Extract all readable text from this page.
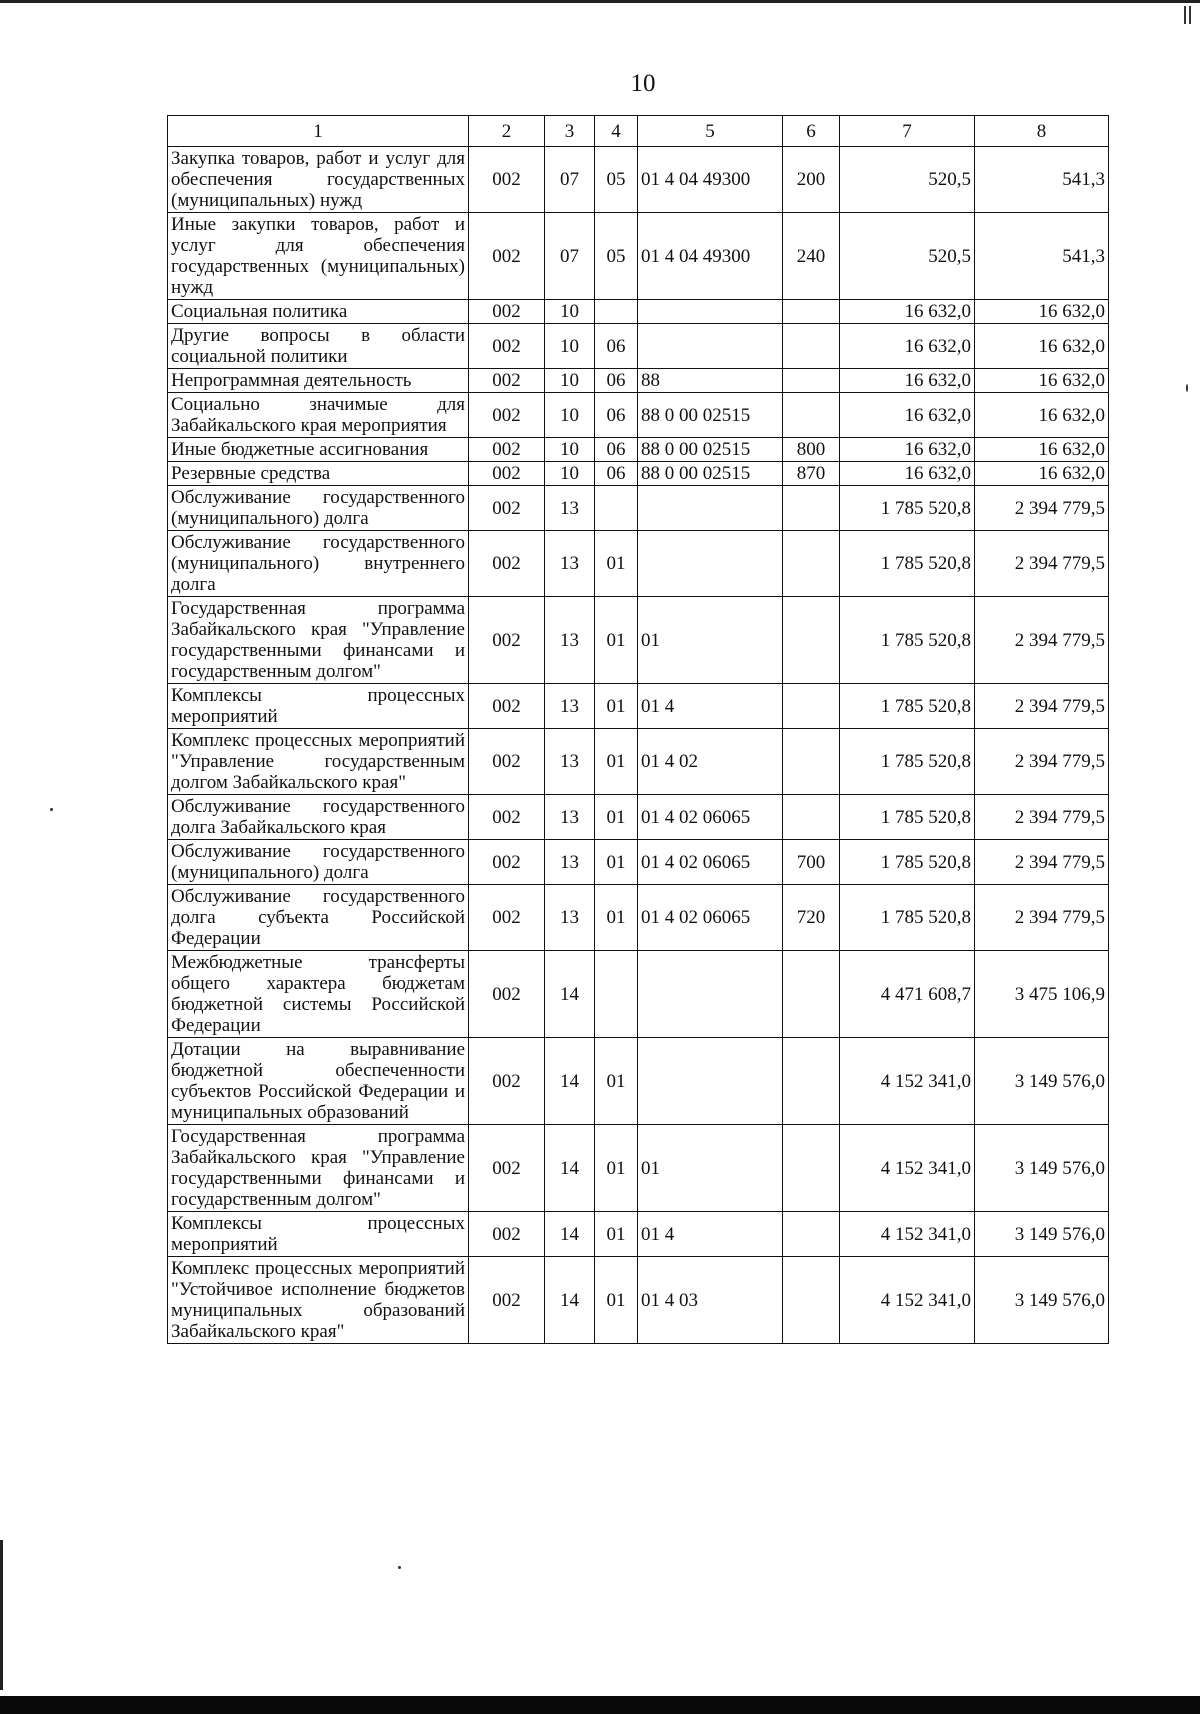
10
1	2	3	4	5	6	7	8
Закупка товаров, работ и услуг для обеспечения государственных (муниципальных) нужд	002	07	05	01 4 04 49300	200	520,5	541,3
Иные закупки товаров, работ и услуг для обеспечения государственных (муниципальных) нужд	002	07	05	01 4 04 49300	240	520,5	541,3
Социальная политика	002	10				16 632,0	16 632,0
Другие вопросы в области социальной политики	002	10	06			16 632,0	16 632,0
Непрограммная деятельность	002	10	06	88		16 632,0	16 632,0
Социально значимые для Забайкальского края мероприятия	002	10	06	88 0 00 02515		16 632,0	16 632,0
Иные бюджетные ассигнования	002	10	06	88 0 00 02515	800	16 632,0	16 632,0
Резервные средства	002	10	06	88 0 00 02515	870	16 632,0	16 632,0
Обслуживание государственного (муниципального) долга	002	13				1 785 520,8	2 394 779,5
Обслуживание государственного (муниципального) внутреннего долга	002	13	01			1 785 520,8	2 394 779,5
Государственная программа Забайкальского края "Управление государственными финансами и государственным долгом"	002	13	01	01		1 785 520,8	2 394 779,5
Комплексы процессных мероприятий	002	13	01	01 4		1 785 520,8	2 394 779,5
Комплекс процессных мероприятий "Управление государственным долгом Забайкальского края"	002	13	01	01 4 02		1 785 520,8	2 394 779,5
Обслуживание государственного долга Забайкальского края	002	13	01	01 4 02 06065		1 785 520,8	2 394 779,5
Обслуживание государственного (муниципального) долга	002	13	01	01 4 02 06065	700	1 785 520,8	2 394 779,5
Обслуживание государственного долга субъекта Российской Федерации	002	13	01	01 4 02 06065	720	1 785 520,8	2 394 779,5
Межбюджетные трансферты общего характера бюджетам бюджетной системы Российской Федерации	002	14				4 471 608,7	3 475 106,9
Дотации на выравнивание бюджетной обеспеченности субъектов Российской Федерации и муниципальных образований	002	14	01			4 152 341,0	3 149 576,0
Государственная программа Забайкальского края "Управление государственными финансами и государственным долгом"	002	14	01	01		4 152 341,0	3 149 576,0
Комплексы процессных мероприятий	002	14	01	01 4		4 152 341,0	3 149 576,0
Комплекс процессных мероприятий "Устойчивое исполнение бюджетов муниципальных образований Забайкальского края"	002	14	01	01 4 03		4 152 341,0	3 149 576,0
